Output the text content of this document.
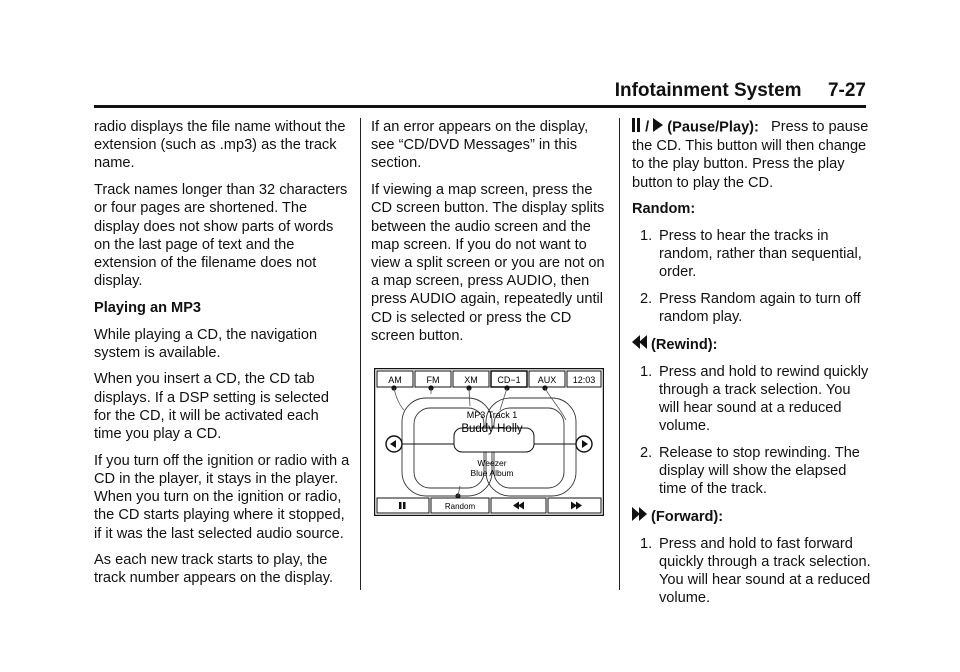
Infotainment System 7-27

radio displays the file name without the extension (such as .mp3) as the track name.

Track names longer than 32 characters or four pages are shortened. The display does not show parts of words on the last page of text and the extension of the filename does not display.

Playing an MP3

While playing a CD, the navigation system is available.

When you insert a CD, the CD tab displays. If a DSP setting is selected for the CD, it will be activated each time you play a CD.

If you turn off the ignition or radio with a CD in the player, it stays in the player. When you turn on the ignition or radio, the CD starts playing where it stopped, if it was the last selected audio source.

As each new track starts to play, the track number appears on the display.

If an error appears on the display, see “CD/DVD Messages” in this section.

If viewing a map screen, press the CD screen button. The display splits between the audio screen and the map screen. If you do not want to view a split screen or you are not on a map screen, press AUDIO, then press AUDIO again, repeatedly until CD is selected or press the CD screen button.

AM	FM	XM CD−1 AUX 12:03
MP3 Track 1
Buddy Holly
Weezer
Blue Album
Random
/ (Pause/Play): Press to pause the CD. This button will then change to the play button. Press the play button to play the CD.

Random:

1. Press to hear the tracks in random, rather than sequential, order.
2. Press Random again to turn off random play.
(Rewind):
1. Press and hold to rewind quickly through a track selection. You will hear sound at a reduced volume.
2. Release to stop rewinding. The display will show the elapsed time of the track.
(Forward):
1. Press and hold to fast forward quickly through a track selection. You will hear sound at a reduced volume.
